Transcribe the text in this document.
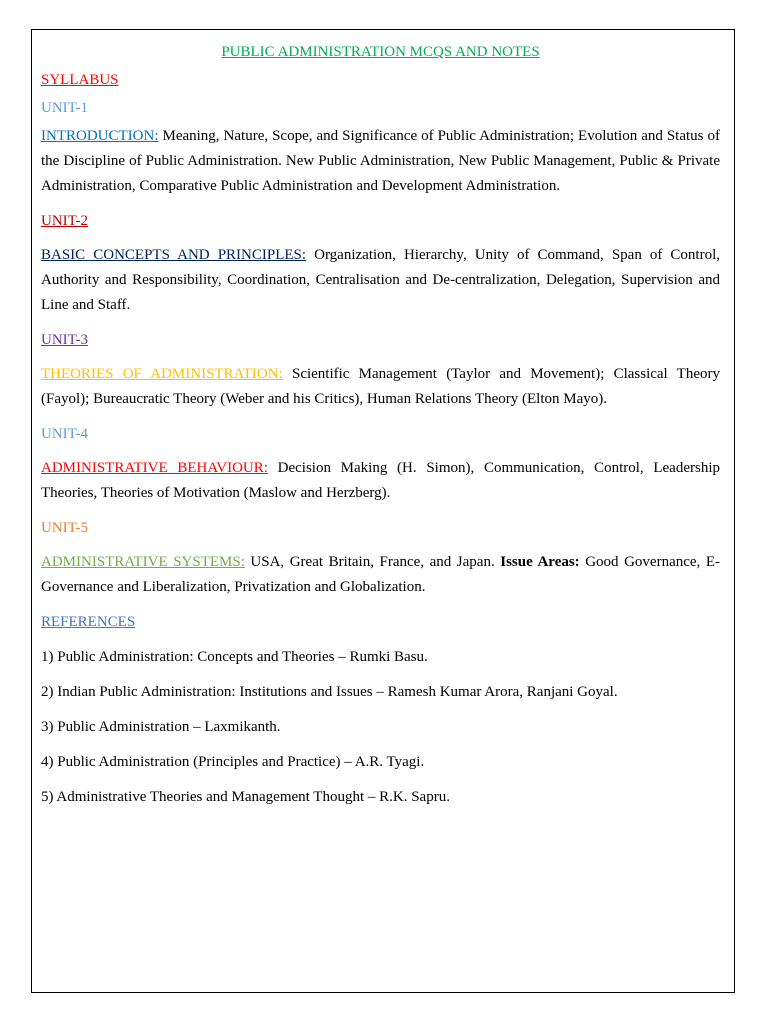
PUBLIC ADMINISTRATION MCQS AND NOTES

SYLLABUS

UNIT-1

INTRODUCTION: Meaning, Nature, Scope, and Significance of Public Administration; Evolution and Status of the Discipline of Public Administration. New Public Administration, New Public Management, Public & Private Administration, Comparative Public Administration and Development Administration.

UNIT-2

BASIC CONCEPTS AND PRINCIPLES: Organization, Hierarchy, Unity of Command, Span of Control, Authority and Responsibility, Coordination, Centralisation and De-centralization, Delegation, Supervision and Line and Staff.

UNIT-3

THEORIES OF ADMINISTRATION: Scientific Management (Taylor and Movement); Classical Theory (Fayol); Bureaucratic Theory (Weber and his Critics), Human Relations Theory (Elton Mayo).

UNIT-4

ADMINISTRATIVE BEHAVIOUR: Decision Making (H. Simon), Communication, Control, Leadership Theories, Theories of Motivation (Maslow and Herzberg).

UNIT-5

ADMINISTRATIVE SYSTEMS: USA, Great Britain, France, and Japan. Issue Areas: Good Governance, E-Governance and Liberalization, Privatization and Globalization.

REFERENCES

1) Public Administration: Concepts and Theories – Rumki Basu.

2) Indian Public Administration: Institutions and Issues – Ramesh Kumar Arora, Ranjani Goyal.

3) Public Administration – Laxmikanth.

4) Public Administration (Principles and Practice) – A.R. Tyagi.

5) Administrative Theories and Management Thought – R.K. Sapru.
